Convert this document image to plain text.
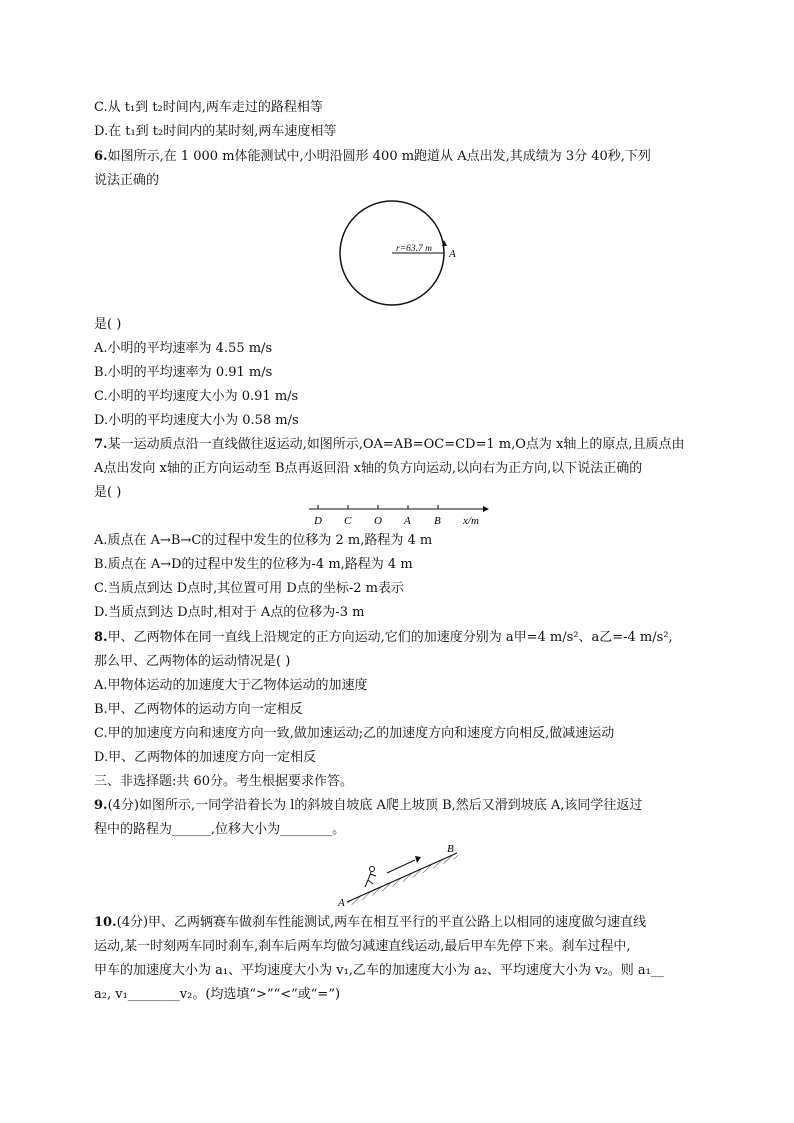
C.从 t₁到 t₂时间内,两车走过的路程相等
D.在 t₁到 t₂时间内的某时刻,两车速度相等
6.如图所示,在 1 000 m体能测试中,小明沿圆形 400 m跑道从 A点出发,其成绩为 3分 40秒,下列
说法正确的
r=63.7 m A
是( )
A.小明的平均速率为 4.55 m/s
B.小明的平均速率为 0.91 m/s
C.小明的平均速度大小为 0.91 m/s
D.小明的平均速度大小为 0.58 m/s
7.某一运动质点沿一直线做往返运动,如图所示,OA=AB=OC=CD=1 m,O点为 x轴上的原点,且质点由
A点出发向 x轴的正方向运动至 B点再返回沿 x轴的负方向运动,以向右为正方向,以下说法正确的
是( )
D C O A B x/m
A.质点在 A→B→C的过程中发生的位移为 2 m,路程为 4 m
B.质点在 A→D的过程中发生的位移为-4 m,路程为 4 m
C.当质点到达 D点时,其位置可用 D点的坐标-2 m表示
D.当质点到达 D点时,相对于 A点的位移为-3 m
8.甲、乙两物体在同一直线上沿规定的正方向运动,它们的加速度分别为 a甲=4 m/s²、a乙=-4 m/s²,
那么甲、乙两物体的运动情况是( )
A.甲物体运动的加速度大于乙物体运动的加速度
B.甲、乙两物体的运动方向一定相反
C.甲的加速度方向和速度方向一致,做加速运动;乙的加速度方向和速度方向相反,做减速运动
D.甲、乙两物体的加速度方向一定相反
三、非选择题:共 60分。考生根据要求作答。
9.(4分)如图所示,一同学沿着长为 l的斜坡自坡底 A爬上坡顶 B,然后又滑到坡底 A,该同学往返过
程中的路程为______,位移大小为________。
B
A
10.(4分)甲、乙两辆赛车做刹车性能测试,两车在相互平行的平直公路上以相同的速度做匀速直线
运动,某一时刻两车同时刹车,刹车后两车均做匀减速直线运动,最后甲车先停下来。刹车过程中,
甲车的加速度大小为 a₁、平均速度大小为 v₁,乙车的加速度大小为 a₂、平均速度大小为 v₂。则 a₁__
a₂, v₁________v₂。(均选填“>”“<”或“=”)
